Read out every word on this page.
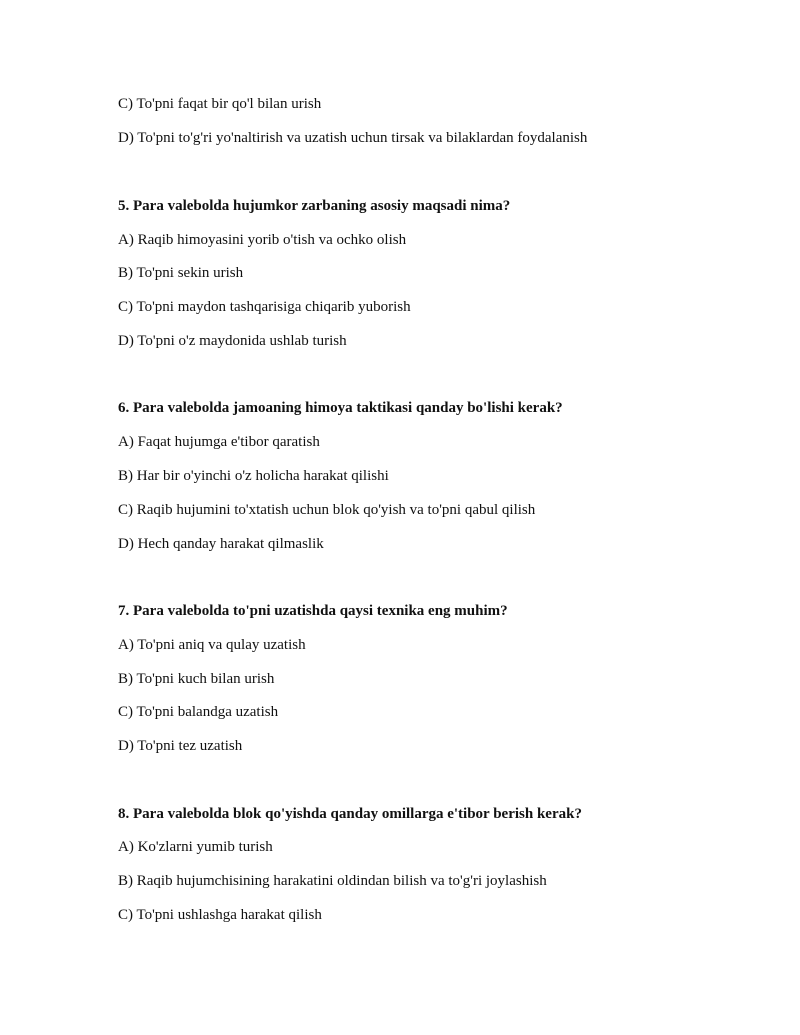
C) To'pni faqat bir qo'l bilan urish
D) To'pni to'g'ri yo'naltirish va uzatish uchun tirsak va bilaklardan foydalanish
5. Para valebolda hujumkor zarbaning asosiy maqsadi nima?
A) Raqib himoyasini yorib o'tish va ochko olish
B) To'pni sekin urish
C) To'pni maydon tashqarisiga chiqarib yuborish
D) To'pni o'z maydonida ushlab turish
6. Para valebolda jamoaning himoya taktikasi qanday bo'lishi kerak?
A) Faqat hujumga e'tibor qaratish
B) Har bir o'yinchi o'z holicha harakat qilishi
C) Raqib hujumini to'xtatish uchun blok qo'yish va to'pni qabul qilish
D) Hech qanday harakat qilmaslik
7. Para valebolda to'pni uzatishda qaysi texnika eng muhim?
A) To'pni aniq va qulay uzatish
B) To'pni kuch bilan urish
C) To'pni balandga uzatish
D) To'pni tez uzatish
8. Para valebolda blok qo'yishda qanday omillarga e'tibor berish kerak?
A) Ko'zlarni yumib turish
B) Raqib hujumchisining harakatini oldindan bilish va to'g'ri joylashish
C) To'pni ushlashga harakat qilish
